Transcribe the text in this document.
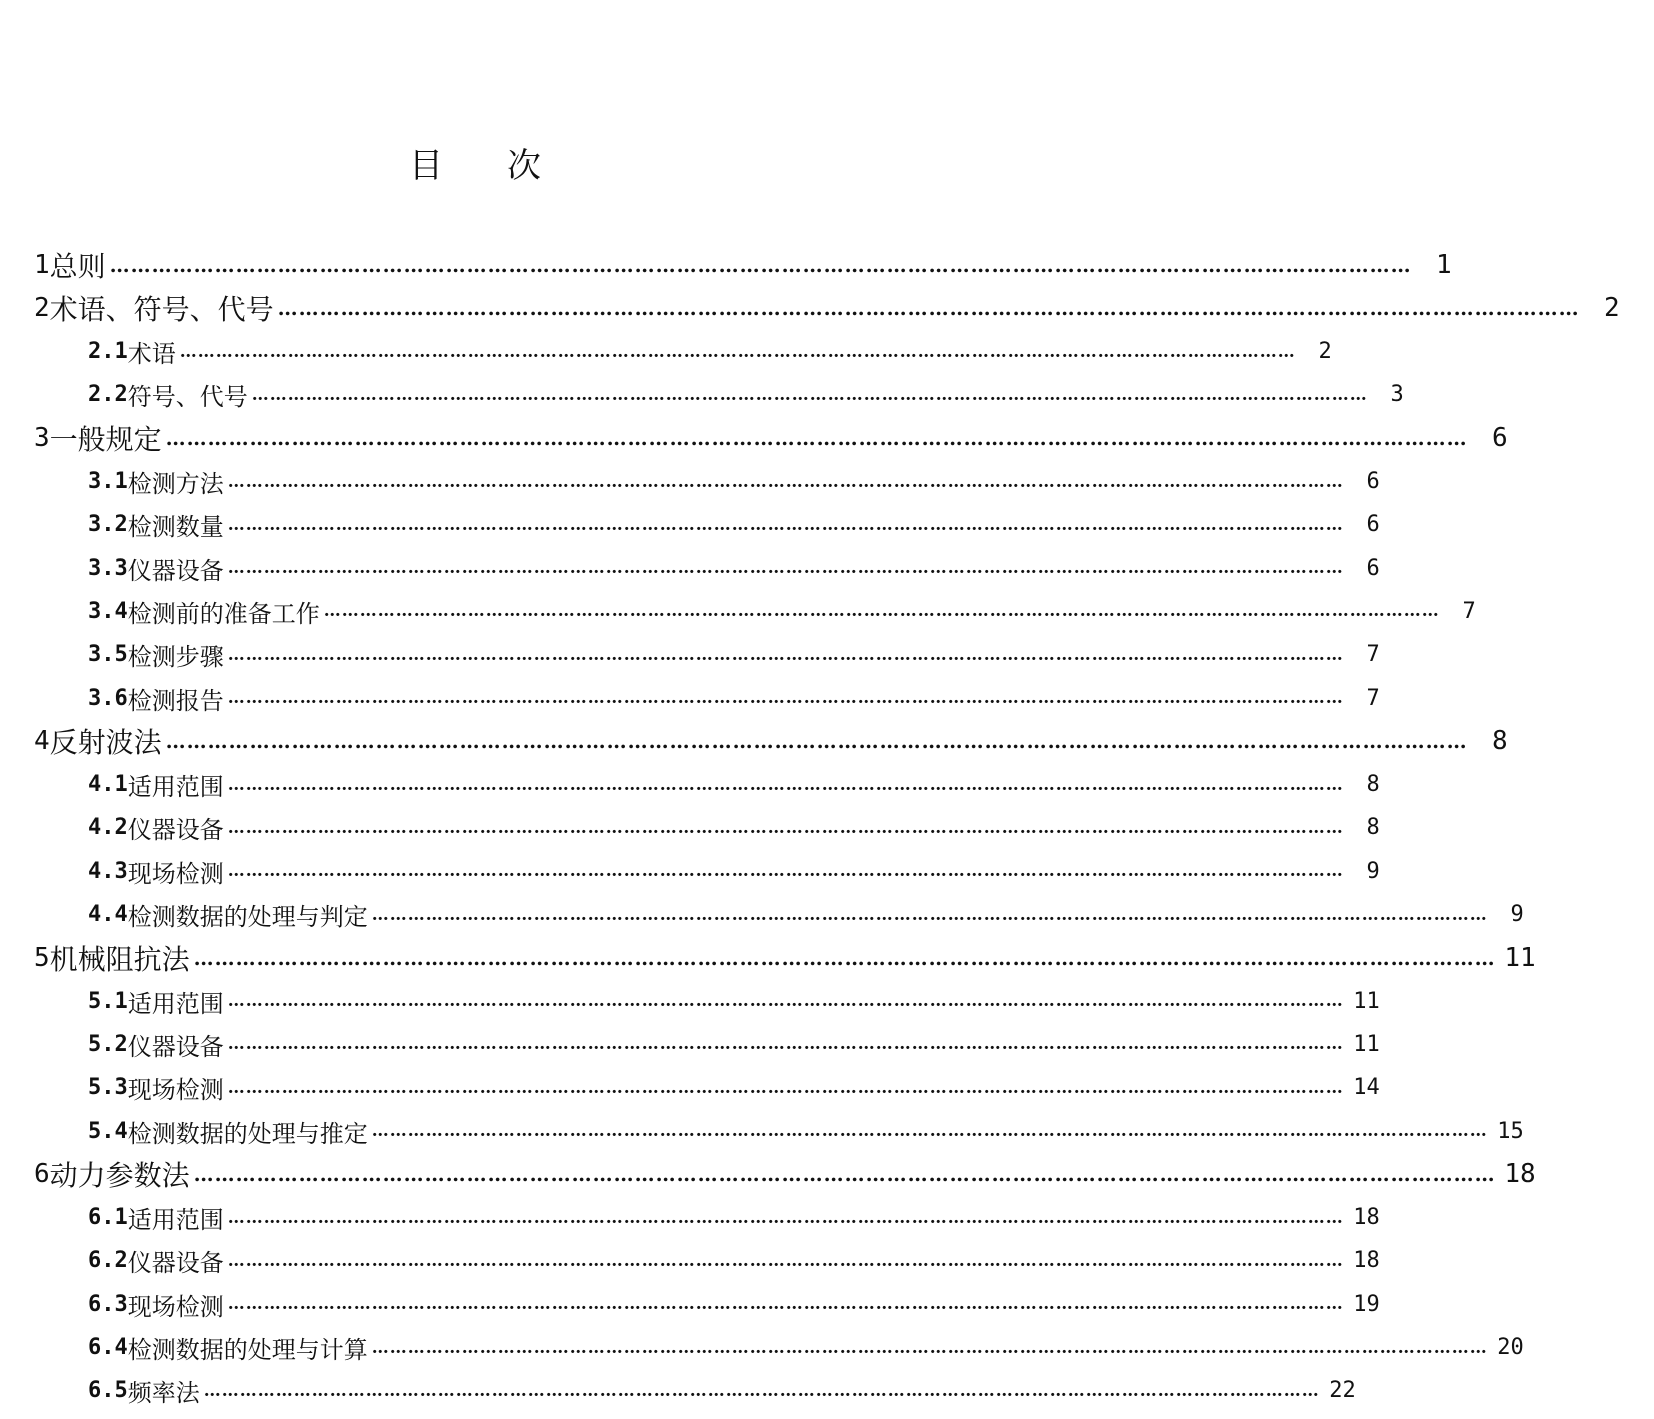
目 次
1 总则 …………………………………………………………………………………………………………………………………………………………………… 1
2 术语、符号、代号 …………………………………………………………………………………………………………………………………………………………………… 2
2.1 术语 ……………………………………………………………………………………………………………………………………………………………………	2
2.2 符号、代号 ……………………………………………………………………………………………………………………………………………………………………	3
3 一般规定 …………………………………………………………………………………………………………………………………………………………………… 6
3.1 检测方法 ……………………………………………………………………………………………………………………………………………………………………	6
3.2 检测数量 ……………………………………………………………………………………………………………………………………………………………………	6
3.3 仪器设备 ……………………………………………………………………………………………………………………………………………………………………	6
3.4 检测前的准备工作 ……………………………………………………………………………………………………………………………………………………………………	7
3.5 检测步骤 ……………………………………………………………………………………………………………………………………………………………………	7
3.6 检测报告 ……………………………………………………………………………………………………………………………………………………………………	7
4 反射波法 …………………………………………………………………………………………………………………………………………………………………… 8
4.1 适用范围 ……………………………………………………………………………………………………………………………………………………………………	8
4.2 仪器设备 ……………………………………………………………………………………………………………………………………………………………………	8
4.3 现场检测 ……………………………………………………………………………………………………………………………………………………………………	9
4.4 检测数据的处理与判定 ……………………………………………………………………………………………………………………………………………………………………	9
5 机械阻抗法 …………………………………………………………………………………………………………………………………………………………………… 11
5.1 适用范围 …………………………………………………………………………………………………………………………………………………………………… 11
5.2 仪器设备 …………………………………………………………………………………………………………………………………………………………………… 11
5.3 现场检测 …………………………………………………………………………………………………………………………………………………………………… 14
5.4 检测数据的处理与推定 …………………………………………………………………………………………………………………………………………………………………… 15
6 动力参数法 …………………………………………………………………………………………………………………………………………………………………… 18
6.1 适用范围 …………………………………………………………………………………………………………………………………………………………………… 18
6.2 仪器设备 …………………………………………………………………………………………………………………………………………………………………… 18
6.3 现场检测 …………………………………………………………………………………………………………………………………………………………………… 19
6.4 检测数据的处理与计算 …………………………………………………………………………………………………………………………………………………………………… 20
6.5 频率法 …………………………………………………………………………………………………………………………………………………………………… 22
